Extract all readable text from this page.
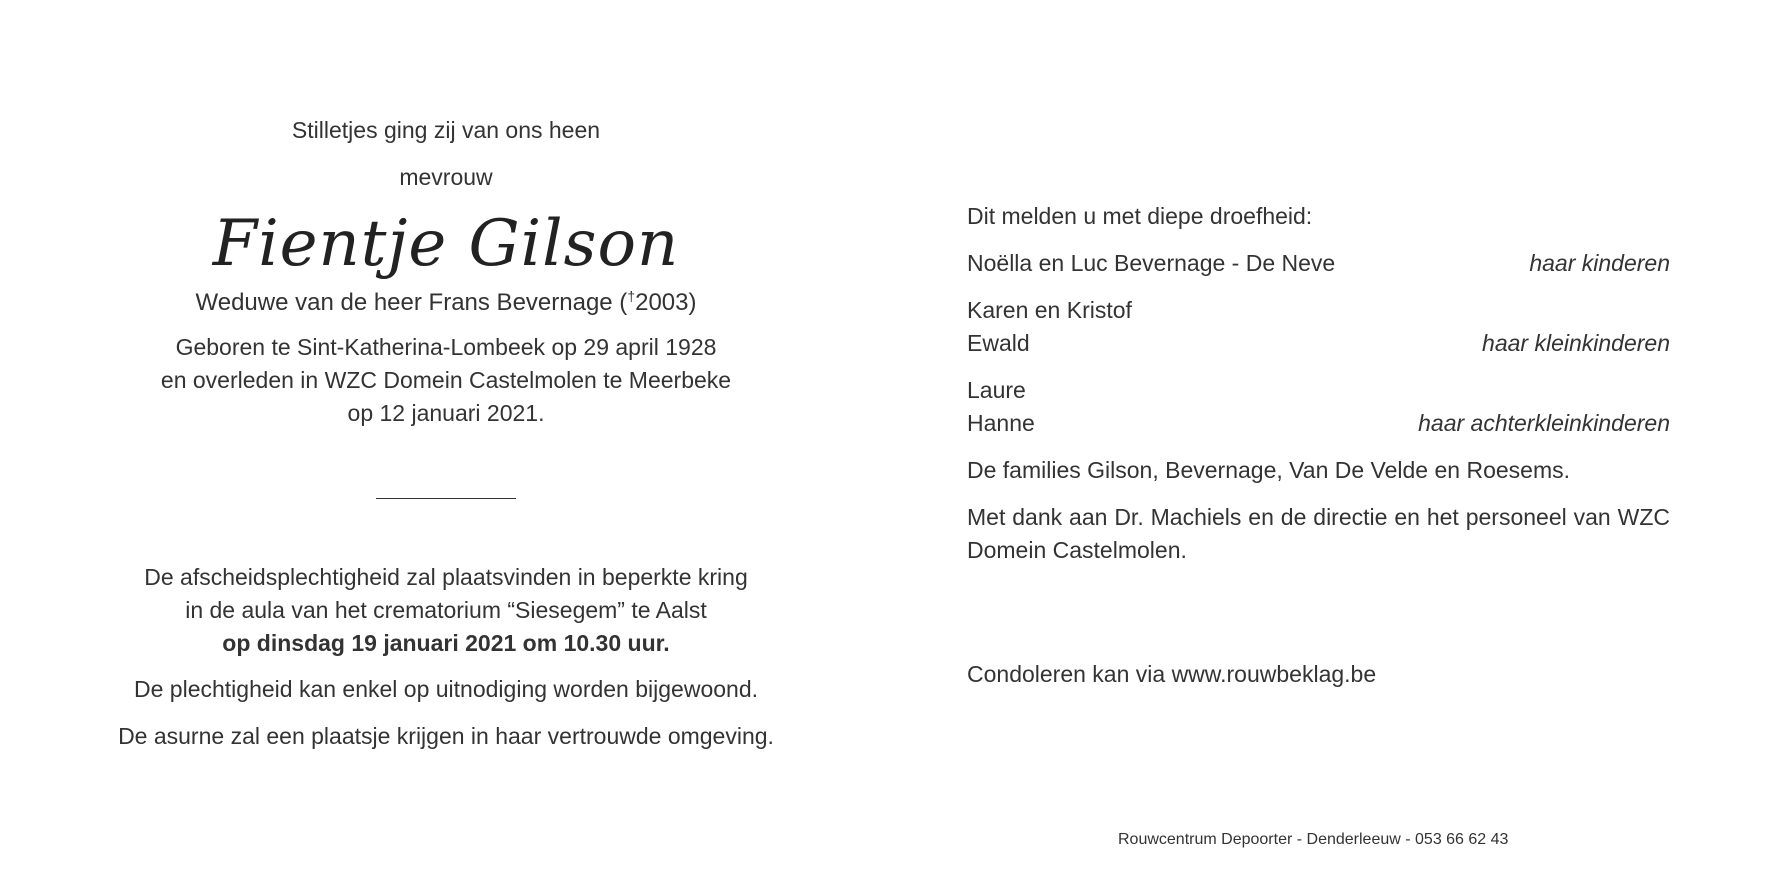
Stilletjes ging zij van ons heen

mevrouw

Fientje Gilson

Weduwe van de heer Frans Bevernage (†2003)

Geboren te Sint-Katherina-Lombeek op 29 april 1928

en overleden in WZC Domein Castelmolen te Meerbeke

op 12 januari 2021.

De afscheidsplechtigheid zal plaatsvinden in beperkte kring

in de aula van het crematorium “Siesegem” te Aalst

op dinsdag 19 januari 2021 om 10.30 uur.

De plechtigheid kan enkel op uitnodiging worden bijgewoond.

De asurne zal een plaatsje krijgen in haar vertrouwde omgeving.

Dit melden u met diepe droefheid:

Noëlla en Luc Bevernage - De Neve	haar kinderen
Karen en Kristof
Ewald	haar kleinkinderen
Laure
Hanne	haar achterkleinkinderen

De families Gilson, Bevernage, Van De Velde en Roesems.

Met dank aan Dr. Machiels en de directie en het personeel van WZC Domein Castelmolen.

Condoleren kan via www.rouwbeklag.be

Rouwcentrum Depoorter - Denderleeuw - 053 66 62 43
